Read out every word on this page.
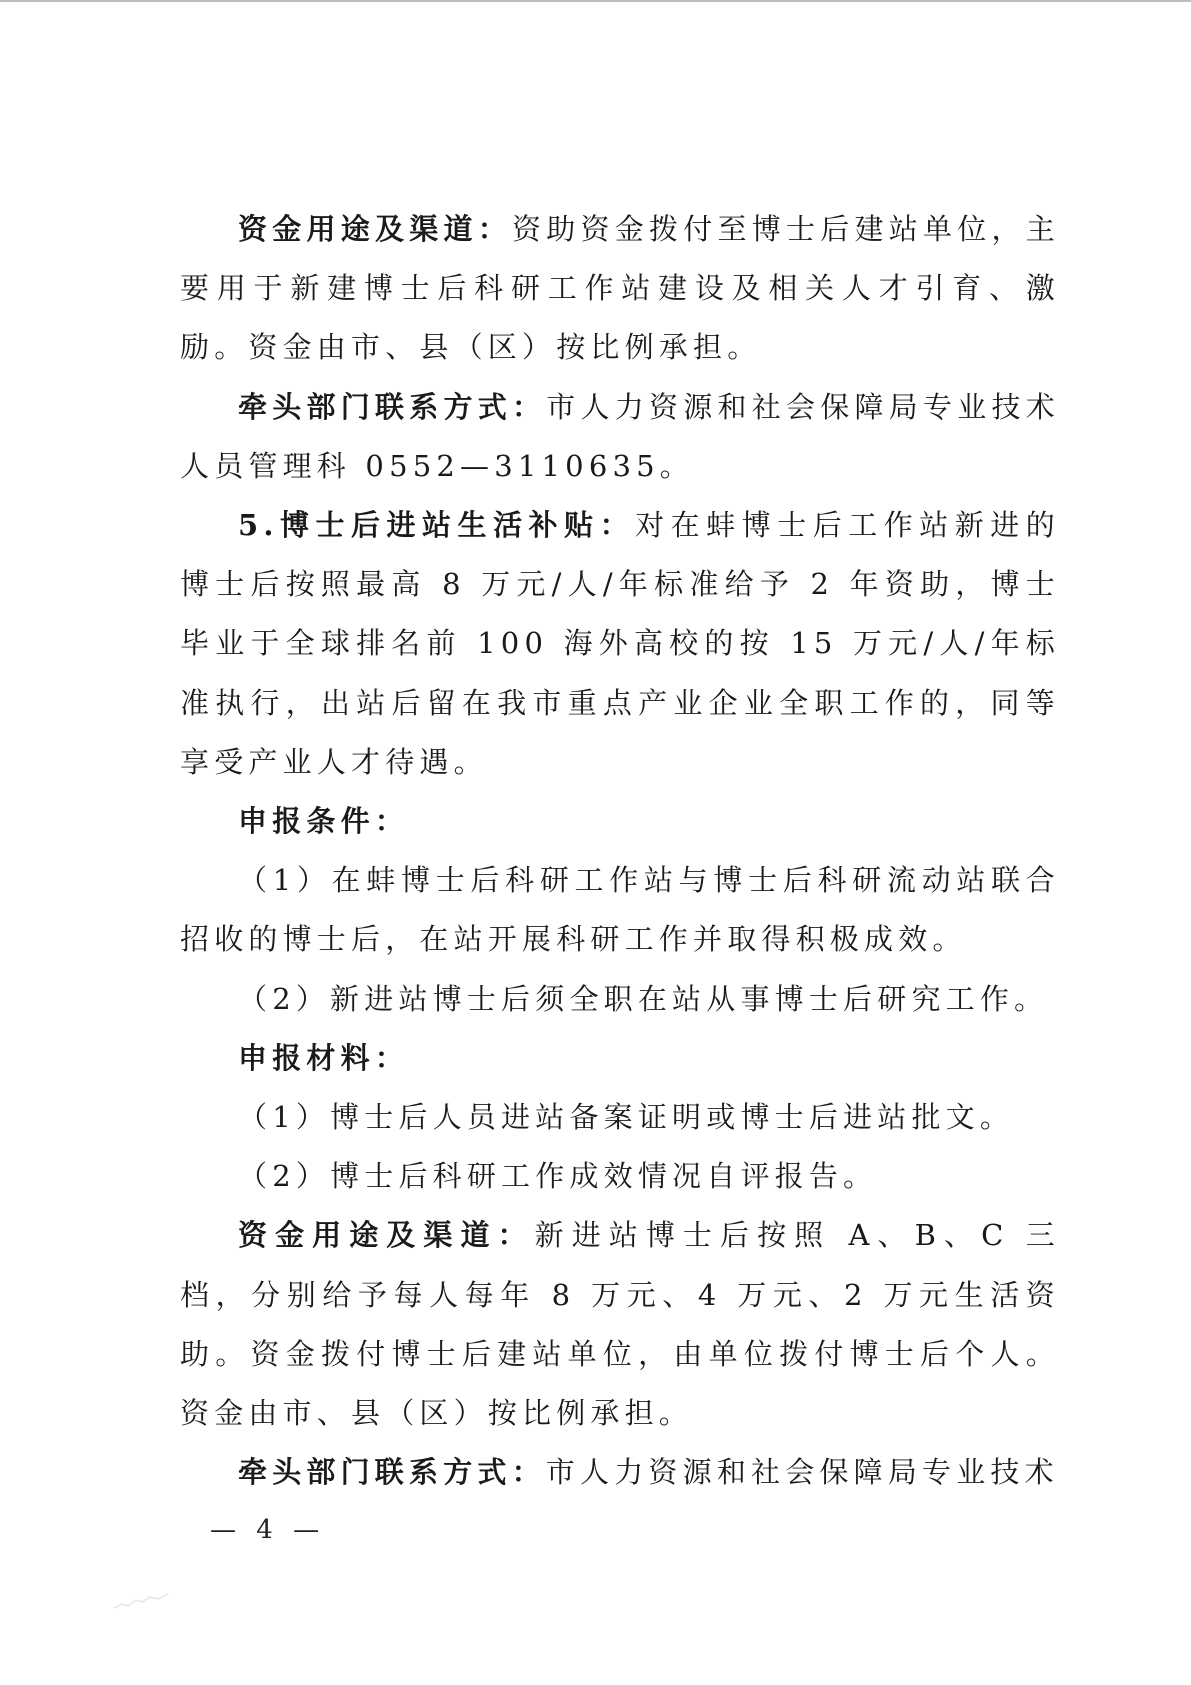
资金用途及渠道：资助资金拨付至博士后建站单位，主要用于新建博士后科研工作站建设及相关人才引育、激励。资金由市、县（区）按比例承担。

牵头部门联系方式：市人力资源和社会保障局专业技术人员管理科 0552—3110635。

5.博士后进站生活补贴：对在蚌博士后工作站新进的博士后按照最高 8 万元/人/年标准给予 2 年资助，博士毕业于全球排名前 100 海外高校的按 15 万元/人/年标准执行，出站后留在我市重点产业企业全职工作的，同等享受产业人才待遇。

申报条件：

（1）在蚌博士后科研工作站与博士后科研流动站联合招收的博士后，在站开展科研工作并取得积极成效。

（2）新进站博士后须全职在站从事博士后研究工作。

申报材料：

（1）博士后人员进站备案证明或博士后进站批文。

（2）博士后科研工作成效情况自评报告。

资金用途及渠道：新进站博士后按照 A、B、C 三档，分别给予每人每年 8 万元、4 万元、2 万元生活资助。资金拨付博士后建站单位，由单位拨付博士后个人。资金由市、县（区）按比例承担。

牵头部门联系方式：市人力资源和社会保障局专业技术

— 4 —
